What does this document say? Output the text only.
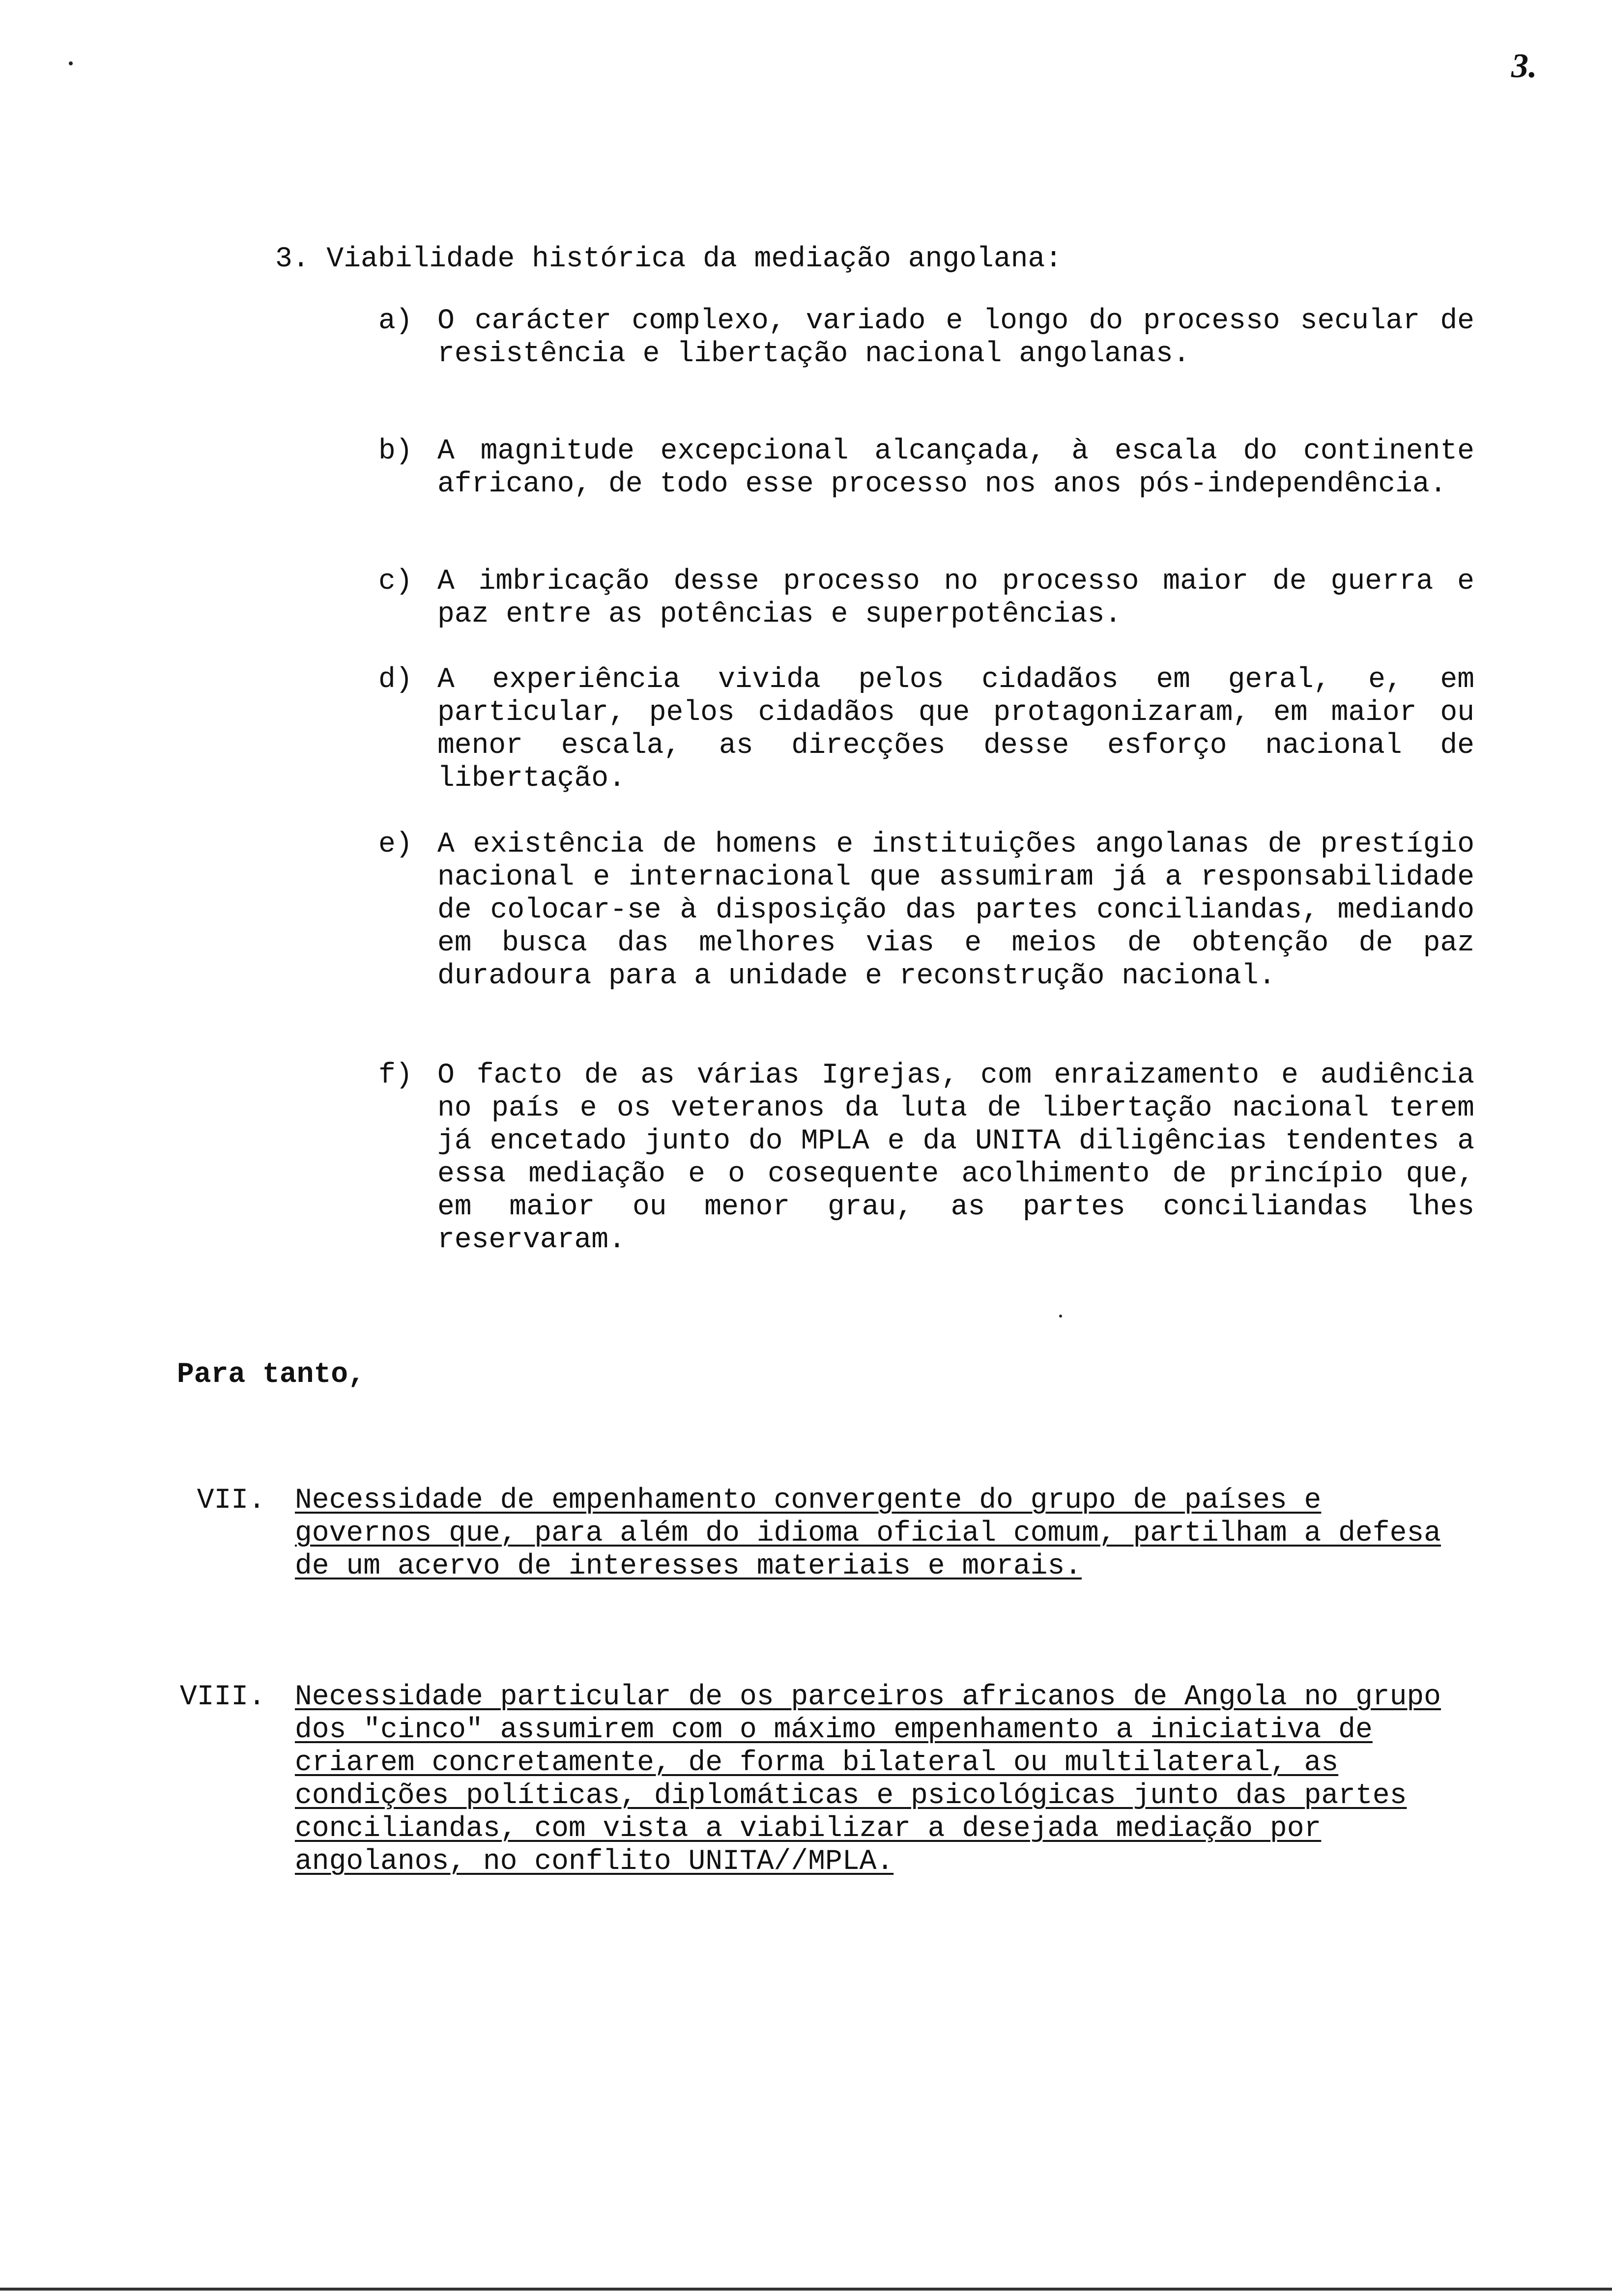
3.
3. Viabilidade histórica da mediação angolana:
a) O carácter complexo, variado e longo do processo secular de resistência e libertação nacional angolanas.
b) A magnitude excepcional alcançada, à escala do continente africano, de todo esse processo nos anos pós-independência.
c) A imbricação desse processo no processo maior de guerra e paz entre as potências e superpotências.
d) A experiência vivida pelos cidadãos em geral, e, em particular, pelos cidadãos que protagonizaram, em maior ou menor escala, as direcções desse esforço nacional de libertação.
e) A existência de homens e instituições angolanas de prestígio nacional e internacional que assumiram já a responsabilidade de colocar-se à disposição das partes conciliandas, mediando em busca das melhores vias e meios de obtenção de paz duradoura para a unidade e reconstrução nacional.
f) O facto de as várias Igrejas, com enraizamento e audiência no país e os veteranos da luta de libertação nacional terem já encetado junto do MPLA e da UNITA diligências tendentes a essa mediação e o cosequente acolhimento de princípio que, em maior ou menor grau, as partes conciliandas lhes reservaram.
Para tanto,
VII. Necessidade de empenhamento convergente do grupo de países e governos que, para além do idioma oficial comum, partilham a defesa de um acervo de interesses materiais e morais.
VIII. Necessidade particular de os parceiros africanos de Angola no grupo dos "cinco" assumirem com o máximo empenhamento a iniciativa de criarem concretamente, de forma bilateral ou multilateral, as condições políticas, diplomáticas e psicológicas junto das partes conciliandas, com vista a viabilizar a desejada mediação por angolanos, no conflito UNITA//MPLA.
